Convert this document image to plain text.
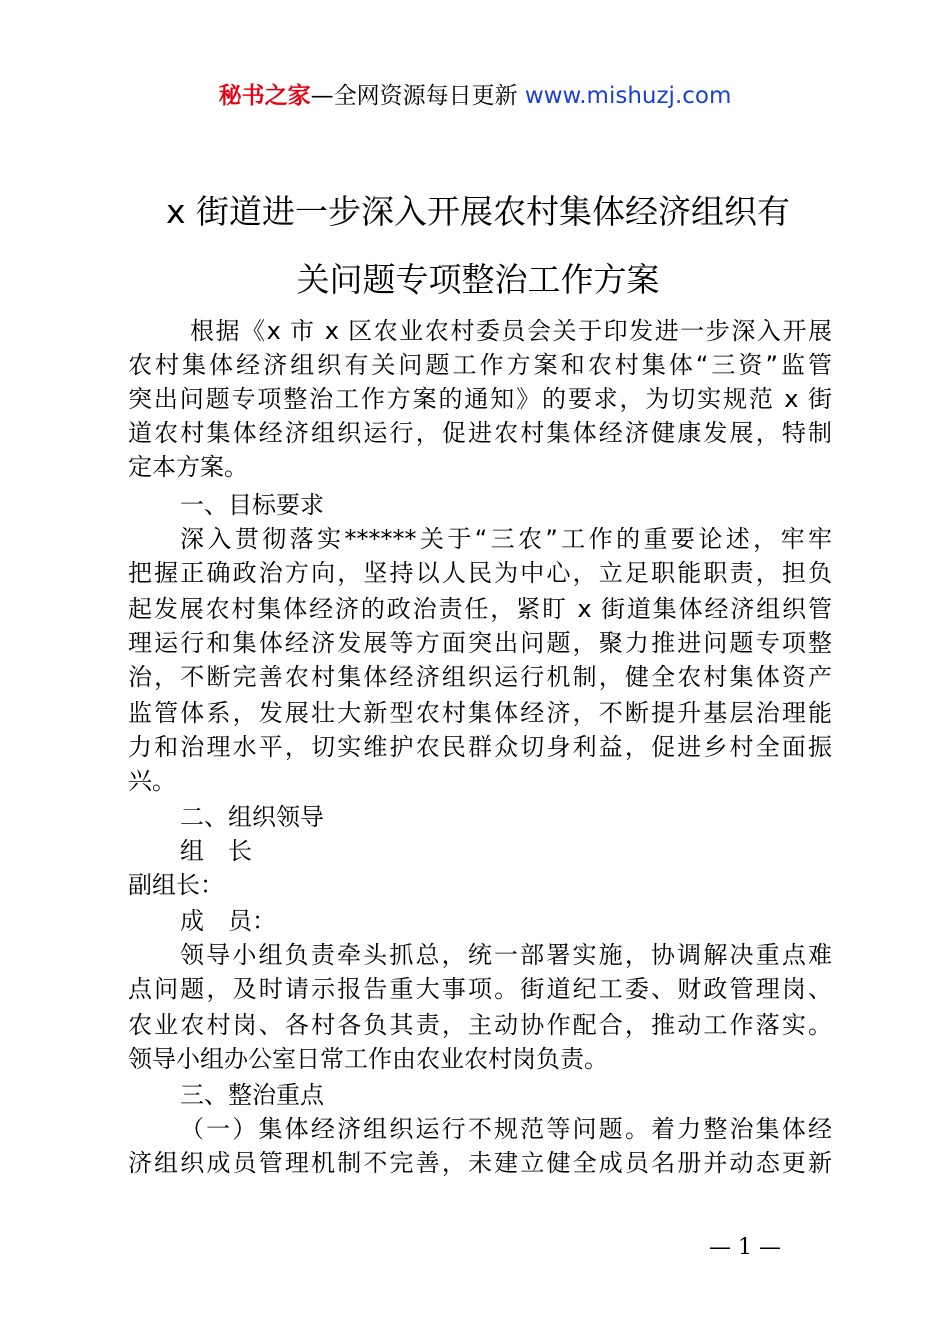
秘书之家—全网资源每日更新 www.mishuzj.com
x 街道进一步深入开展农村集体经济组织有
关问题专项整治工作方案
根据《x 市 x 区农业农村委员会关于印发进一步深入开展
农村集体经济组织有关问题工作方案和农村集体“三资”监管
突出问题专项整治工作方案的通知》的要求，为切实规范 x 街
道农村集体经济组织运行，促进农村集体经济健康发展，特制
定本方案。
一、目标要求
深入贯彻落实******关于“三农”工作的重要论述，牢牢
把握正确政治方向，坚持以人民为中心，立足职能职责，担负
起发展农村集体经济的政治责任，紧盯 x 街道集体经济组织管
理运行和集体经济发展等方面突出问题，聚力推进问题专项整
治，不断完善农村集体经济组织运行机制，健全农村集体资产
监管体系，发展壮大新型农村集体经济，不断提升基层治理能
力和治理水平，切实维护农民群众切身利益，促进乡村全面振
兴。
二、组织领导
组　长
副组长：
成　员：
领导小组负责牵头抓总，统一部署实施，协调解决重点难
点问题，及时请示报告重大事项。街道纪工委、财政管理岗、
农业农村岗、各村各负其责，主动协作配合，推动工作落实。
领导小组办公室日常工作由农业农村岗负责。
三、整治重点
（一）集体经济组织运行不规范等问题。着力整治集体经
济组织成员管理机制不完善，未建立健全成员名册并动态更新
— 1 —
